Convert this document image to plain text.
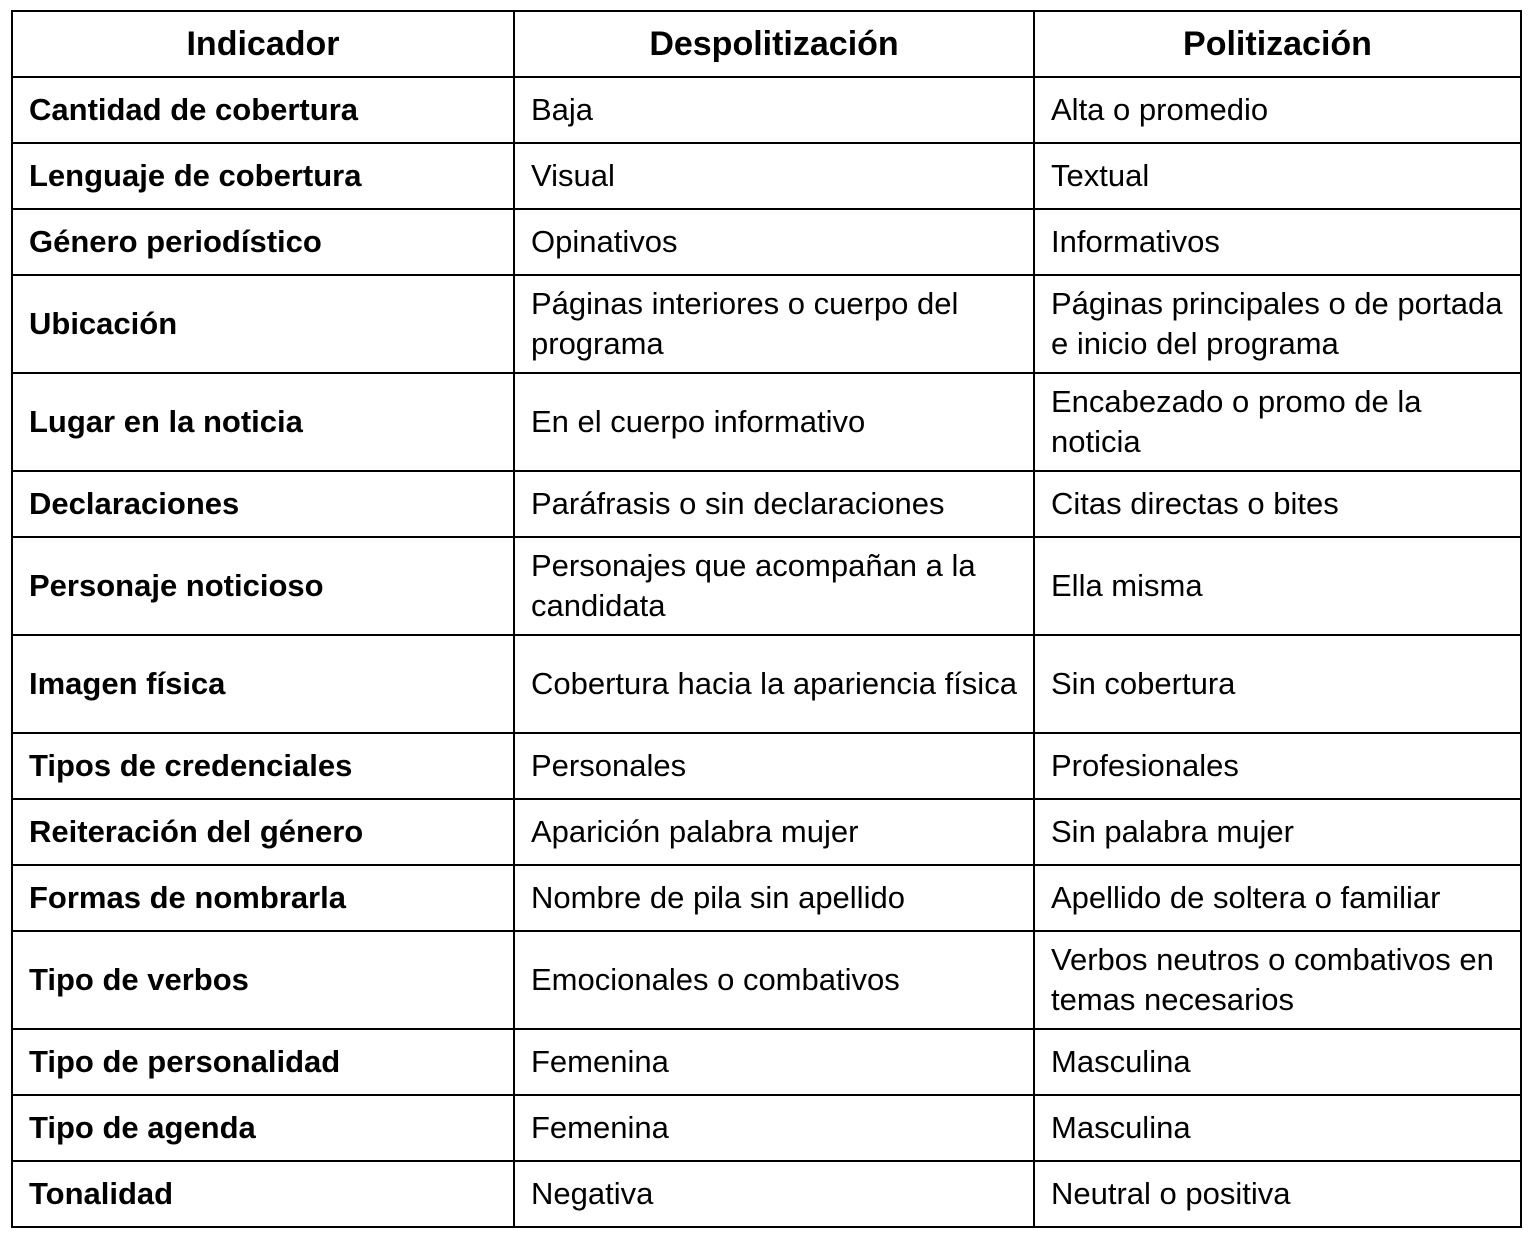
Indicador	Despolitización	Politización
Cantidad de cobertura	Baja	Alta o promedio
Lenguaje de cobertura	Visual	Textual
Género periodístico	Opinativos	Informativos
Ubicación	Páginas interiores o cuerpo del programa	Páginas principales o de portada e inicio del programa
Lugar en la noticia	En el cuerpo informativo	Encabezado o promo de la noticia
Declaraciones	Paráfrasis o sin declaraciones	Citas directas o bites
Personaje noticioso	Personajes que acompañan a la candidata	Ella misma
Imagen física	Cobertura hacia la apariencia física	Sin cobertura
Tipos de credenciales	Personales	Profesionales
Reiteración del género	Aparición palabra mujer	Sin palabra mujer
Formas de nombrarla	Nombre de pila sin apellido	Apellido de soltera o familiar
Tipo de verbos	Emocionales o combativos	Verbos neutros o combativos en temas necesarios
Tipo de personalidad	Femenina	Masculina
Tipo de agenda	Femenina	Masculina
Tonalidad	Negativa	Neutral o positiva
